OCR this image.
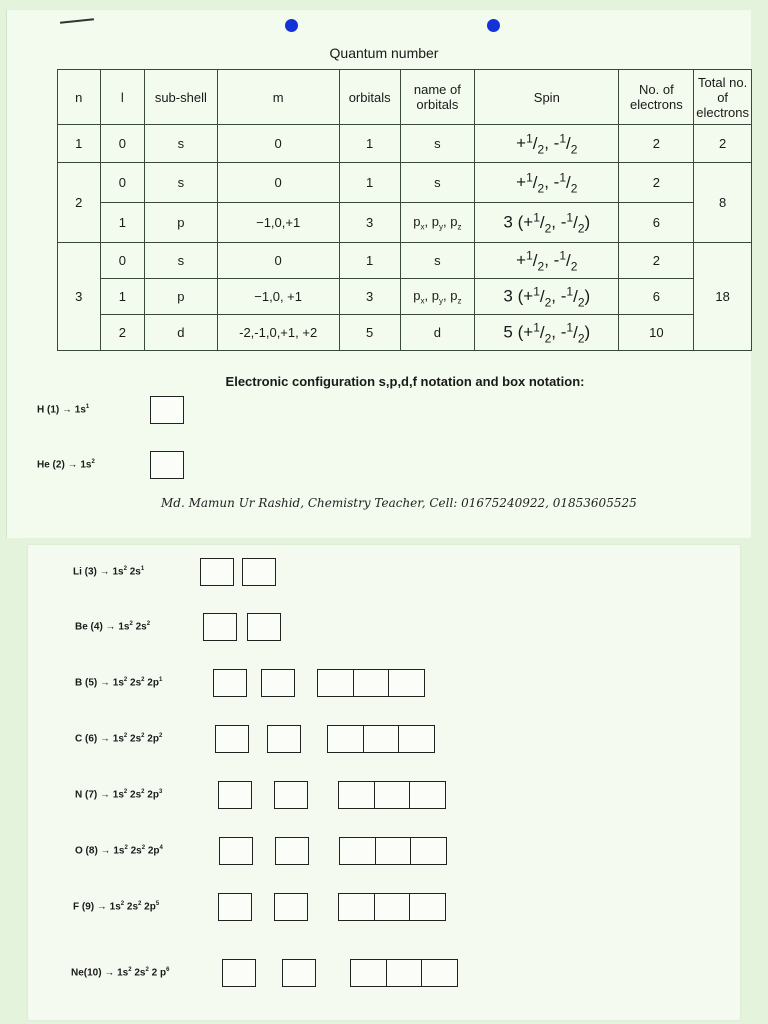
Quantum number
n	l	sub-shell	m	orbitals	name of orbitals	Spin	No. of electrons	Total no. of electrons
1	0	s	0	1	s	$+^1/_2$, $-^1/_2$	2	2
2	0	s	0	1	s	$+^1/_2$, $-^1/_2$	2	8
	1	p	−1,0,+1	3	$p_x$, $p_y$, $p_z$	3 ($+^1/_2$, $-^1/_2$)	6	
3	0	s	0	1	s	$+^1/_2$, $-^1/_2$	2	18
	1	p	−1,0, +1	3	$p_x$, $p_y$, $p_z$	3 ($+^1/_2$, $-^1/_2$)	6	
	2	d	-2,-1,0,+1, +2	5	d	5 ($+^1/_2$, $-^1/_2$)	10	
Electronic configuration s,p,d,f notation and box notation:
H $(1) \to 1s^1$
He $(2) \to 1s^2$
Li $(3) \to 1s^2$ $2s^1$
Be $(4) \to 1s^2$ $2s^2$
B $(5) \to 1s^2$ $2s^2$ $2p^1$
C $(6) \to 1s^2$ $2s^2$ $2p^2$
N $(7) \to 1s^2$ $2s^2$ $2p^3$
O $(8) \to 1s^2$ $2s^2$ $2p^4$
F $(9) \to 1s^2$ $2s^2$ $2p^5$
$Ne(10) \to 1s^2$ $2s^2$ 2 $p^6$
Md. Mamun Ur Rashid, Chemistry Teacher, Cell: 01675240922, 01853605525
